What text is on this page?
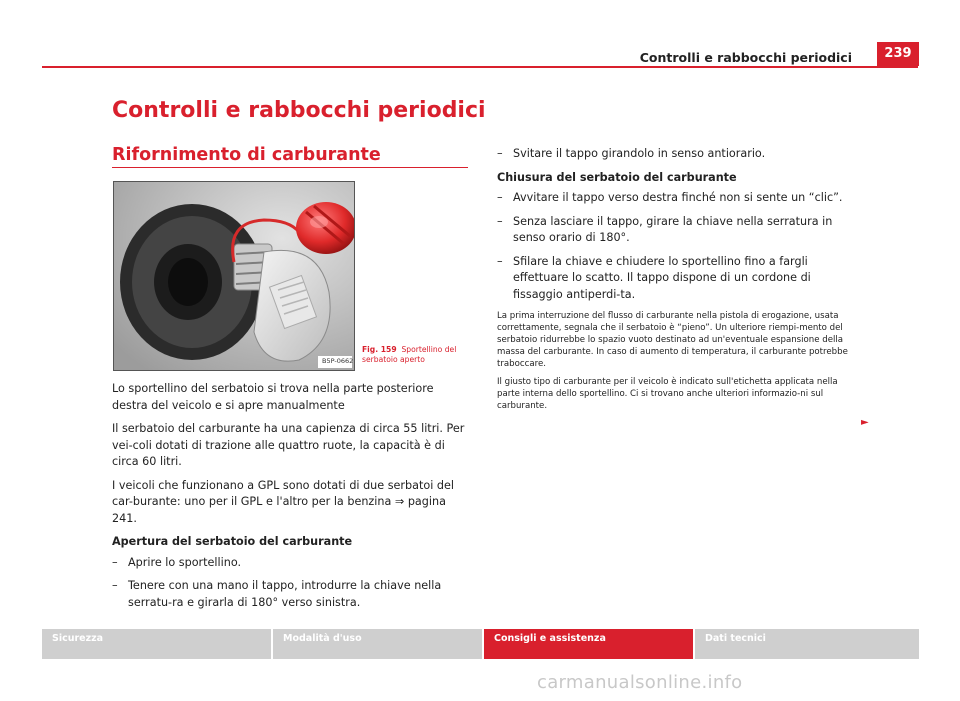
Controlli e rabbocchi periodici	239
Controlli e rabbocchi periodici
Rifornimento di carburante
B5P-0662
Fig. 159 Sportellino del serbatoio aperto

Lo sportellino del serbatoio si trova nella parte posteriore destra del veicolo e si apre manualmente

Il serbatoio del carburante ha una capienza di circa 55 litri. Per vei-coli dotati di trazione alle quattro ruote, la capacità è di circa 60 litri.

I veicoli che funzionano a GPL sono dotati di due serbatoi del car-burante: uno per il GPL e l'altro per la benzina ⇒ pagina 241.

Apertura del serbatoio del carburante
– Aprire lo sportellino.
– Tenere con una mano il tappo, introdurre la chiave nella serratu-ra e girarla di 180° verso sinistra.
– Svitare il tappo girandolo in senso antiorario.
Chiusura del serbatoio del carburante
– Avvitare il tappo verso destra finché non si sente un “clic”.
– Senza lasciare il tappo, girare la chiave nella serratura in senso orario di 180°.
– Sfilare la chiave e chiudere lo sportellino fino a fargli effettuare lo scatto. Il tappo dispone di un cordone di fissaggio antiperdi-ta.

La prima interruzione del flusso di carburante nella pistola di erogazione, usata correttamente, segnala che il serbatoio è “pieno”. Un ulteriore riempi-mento del serbatoio ridurrebbe lo spazio vuoto destinato ad un'eventuale espansione della massa del carburante. In caso di aumento di temperatura, il carburante potrebbe traboccare.

Il giusto tipo di carburante per il veicolo è indicato sull'etichetta applicata nella parte interna dello sportellino. Ci si trovano anche ulteriori informazio-ni sul carburante.

►
Sicurezza	Modalità d'uso	Consigli e assistenza	Dati tecnici
carmanualsonline.info
